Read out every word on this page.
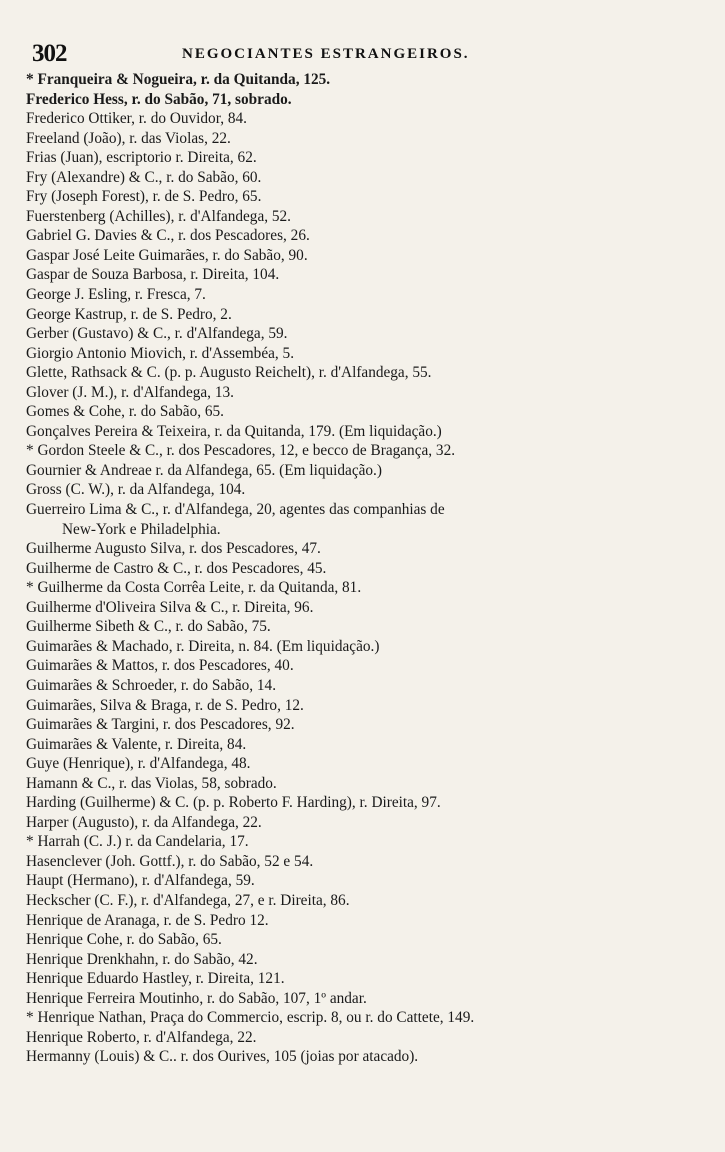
302	NEGOCIANTES ESTRANGEIROS.
* Franqueira & Nogueira, r. da Quitanda, 125.
Frederico Hess, r. do Sabão, 71, sobrado.
Frederico Ottiker, r. do Ouvidor, 84.
Freeland (João), r. das Violas, 22.
Frias (Juan), escriptorio r. Direita, 62.
Fry (Alexandre) & C., r. do Sabão, 60.
Fry (Joseph Forest), r. de S. Pedro, 65.
Fuerstenberg (Achilles), r. d'Alfandega, 52.
Gabriel G. Davies & C., r. dos Pescadores, 26.
Gaspar José Leite Guimarães, r. do Sabão, 90.
Gaspar de Souza Barbosa, r. Direita, 104.
George J. Esling, r. Fresca, 7.
George Kastrup, r. de S. Pedro, 2.
Gerber (Gustavo) & C., r. d'Alfandega, 59.
Giorgio Antonio Miovich, r. d'Assembéa, 5.
Glette, Rathsack & C. (p. p. Augusto Reichelt), r. d'Alfandega, 55.
Glover (J. M.), r. d'Alfandega, 13.
Gomes & Cohe, r. do Sabão, 65.
Gonçalves Pereira & Teixeira, r. da Quitanda, 179. (Em liquidação.)
* Gordon Steele & C., r. dos Pescadores, 12, e becco de Bragança, 32.
Gournier & Andreae r. da Alfandega, 65. (Em liquidação.)
Gross (C. W.), r. da Alfandega, 104.
Guerreiro Lima & C., r. d'Alfandega, 20, agentes das companhias de
New-York e Philadelphia.
Guilherme Augusto Silva, r. dos Pescadores, 47.
Guilherme de Castro & C., r. dos Pescadores, 45.
* Guilherme da Costa Corrêa Leite, r. da Quitanda, 81.
Guilherme d'Oliveira Silva & C., r. Direita, 96.
Guilherme Sibeth & C., r. do Sabão, 75.
Guimarães & Machado, r. Direita, n. 84. (Em liquidação.)
Guimarães & Mattos, r. dos Pescadores, 40.
Guimarães & Schroeder, r. do Sabão, 14.
Guimarães, Silva & Braga, r. de S. Pedro, 12.
Guimarães & Targini, r. dos Pescadores, 92.
Guimarães & Valente, r. Direita, 84.
Guye (Henrique), r. d'Alfandega, 48.
Hamann & C., r. das Violas, 58, sobrado.
Harding (Guilherme) & C. (p. p. Roberto F. Harding), r. Direita, 97.
Harper (Augusto), r. da Alfandega, 22.
* Harrah (C. J.) r. da Candelaria, 17.
Hasenclever (Joh. Gottf.), r. do Sabão, 52 e 54.
Haupt (Hermano), r. d'Alfandega, 59.
Heckscher (C. F.), r. d'Alfandega, 27, e r. Direita, 86.
Henrique de Aranaga, r. de S. Pedro 12.
Henrique Cohe, r. do Sabão, 65.
Henrique Drenkhahn, r. do Sabão, 42.
Henrique Eduardo Hastley, r. Direita, 121.
Henrique Ferreira Moutinho, r. do Sabão, 107, 1º andar.
* Henrique Nathan, Praça do Commercio, escrip. 8, ou r. do Cattete, 149.
Henrique Roberto, r. d'Alfandega, 22.
Hermanny (Louis) & C.. r. dos Ourives, 105 (joias por atacado).
